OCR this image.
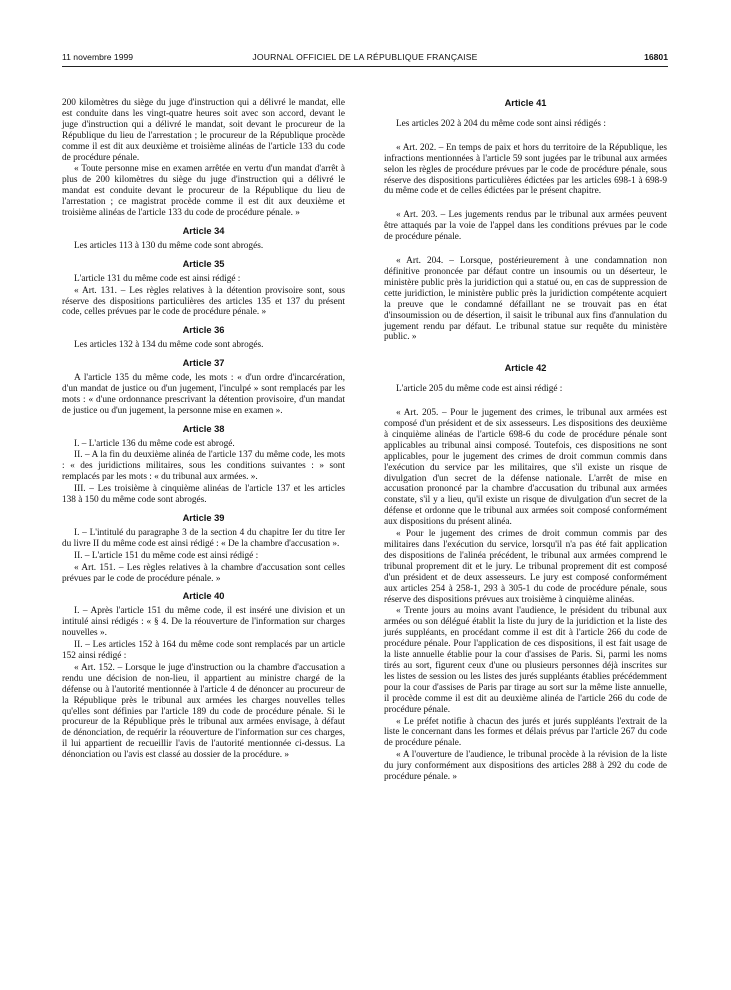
11 novembre 1999	JOURNAL OFFICIEL DE LA RÉPUBLIQUE FRANÇAISE	16801

200 kilomètres du siège du juge d'instruction qui a délivré le mandat, elle est conduite dans les vingt-quatre heures soit avec son accord, devant le juge d'instruction qui a délivré le mandat, soit devant le procureur de la République du lieu de l'arrestation ; le procureur de la République procède comme il est dit aux deuxième et troisième alinéas de l'article 133 du code de procédure pénale.

« Toute personne mise en examen arrêtée en vertu d'un mandat d'arrêt à plus de 200 kilomètres du siège du juge d'instruction qui a délivré le mandat est conduite devant le procureur de la République du lieu de l'arrestation ; ce magistrat procède comme il est dit aux deuxième et troisième alinéas de l'article 133 du code de procédure pénale. »

Article 34

Les articles 113 à 130 du même code sont abrogés.

Article 35

L'article 131 du même code est ainsi rédigé :

« Art. 131. – Les règles relatives à la détention provisoire sont, sous réserve des dispositions particulières des articles 135 et 137 du présent code, celles prévues par le code de procédure pénale. »

Article 36

Les articles 132 à 134 du même code sont abrogés.

Article 37

A l'article 135 du même code, les mots : « d'un ordre d'incarcération, d'un mandat de justice ou d'un jugement, l'inculpé » sont remplacés par les mots : « d'une ordonnance prescrivant la détention provisoire, d'un mandat de justice ou d'un jugement, la personne mise en examen ».

Article 38

I. – L'article 136 du même code est abrogé.

II. – A la fin du deuxième alinéa de l'article 137 du même code, les mots : « des juridictions militaires, sous les conditions suivantes : » sont remplacés par les mots : « du tribunal aux armées. ».

III. – Les troisième à cinquième alinéas de l'article 137 et les articles 138 à 150 du même code sont abrogés.

Article 39

I. – L'intitulé du paragraphe 3 de la section 4 du chapitre Ier du titre Ier du livre II du même code est ainsi rédigé : « De la chambre d'accusation ».

II. – L'article 151 du même code est ainsi rédigé :

« Art. 151. – Les règles relatives à la chambre d'accusation sont celles prévues par le code de procédure pénale. »

Article 40

I. – Après l'article 151 du même code, il est inséré une division et un intitulé ainsi rédigés : « § 4. De la réouverture de l'information sur charges nouvelles ».

II. – Les articles 152 à 164 du même code sont remplacés par un article 152 ainsi rédigé :

« Art. 152. – Lorsque le juge d'instruction ou la chambre d'accusation a rendu une décision de non-lieu, il appartient au ministre chargé de la défense ou à l'autorité mentionnée à l'article 4 de dénoncer au procureur de la République près le tribunal aux armées les charges nouvelles telles qu'elles sont définies par l'article 189 du code de procédure pénale. Si le procureur de la République près le tribunal aux armées envisage, à défaut de dénonciation, de requérir la réouverture de l'information sur ces charges, il lui appartient de recueillir l'avis de l'autorité mentionnée ci-dessus. La dénonciation ou l'avis est classé au dossier de la procédure. »

Article 41

Les articles 202 à 204 du même code sont ainsi rédigés :

« Art. 202. – En temps de paix et hors du territoire de la République, les infractions mentionnées à l'article 59 sont jugées par le tribunal aux armées selon les règles de procédure prévues par le code de procédure pénale, sous réserve des dispositions particulières édictées par les articles 698-1 à 698-9 du même code et de celles édictées par le présent chapitre.

« Art. 203. – Les jugements rendus par le tribunal aux armées peuvent être attaqués par la voie de l'appel dans les conditions prévues par le code de procédure pénale.

« Art. 204. – Lorsque, postérieurement à une condamnation non définitive prononcée par défaut contre un insoumis ou un déserteur, le ministère public près la juridiction qui a statué ou, en cas de suppression de cette juridiction, le ministère public près la juridiction compétente acquiert la preuve que le condamné défaillant ne se trouvait pas en état d'insoumission ou de désertion, il saisit le tribunal aux fins d'annulation du jugement rendu par défaut. Le tribunal statue sur requête du ministère public. »

Article 42

L'article 205 du même code est ainsi rédigé :

« Art. 205. – Pour le jugement des crimes, le tribunal aux armées est composé d'un président et de six assesseurs. Les dispositions des deuxième à cinquième alinéas de l'article 698-6 du code de procédure pénale sont applicables au tribunal ainsi composé. Toutefois, ces dispositions ne sont applicables, pour le jugement des crimes de droit commun commis dans l'exécution du service par les militaires, que s'il existe un risque de divulgation d'un secret de la défense nationale. L'arrêt de mise en accusation prononcé par la chambre d'accusation du tribunal aux armées constate, s'il y a lieu, qu'il existe un risque de divulgation d'un secret de la défense et ordonne que le tribunal aux armées soit composé conformément aux dispositions du présent alinéa.

« Pour le jugement des crimes de droit commun commis par des militaires dans l'exécution du service, lorsqu'il n'a pas été fait application des dispositions de l'alinéa précédent, le tribunal aux armées comprend le tribunal proprement dit et le jury. Le tribunal proprement dit est composé d'un président et de deux assesseurs. Le jury est composé conformément aux articles 254 à 258-1, 293 à 305-1 du code de procédure pénale, sous réserve des dispositions prévues aux troisième à cinquième alinéas.

« Trente jours au moins avant l'audience, le président du tribunal aux armées ou son délégué établit la liste du jury de la juridiction et la liste des jurés suppléants, en procédant comme il est dit à l'article 266 du code de procédure pénale. Pour l'application de ces dispositions, il est fait usage de la liste annuelle établie pour la cour d'assises de Paris. Si, parmi les noms tirés au sort, figurent ceux d'une ou plusieurs personnes déjà inscrites sur les listes de session ou les listes des jurés suppléants établies précédemment pour la cour d'assises de Paris par tirage au sort sur la même liste annuelle, il procède comme il est dit au deuxième alinéa de l'article 266 du code de procédure pénale.

« Le préfet notifie à chacun des jurés et jurés suppléants l'extrait de la liste le concernant dans les formes et délais prévus par l'article 267 du code de procédure pénale.

« A l'ouverture de l'audience, le tribunal procède à la révision de la liste du jury conformément aux dispositions des articles 288 à 292 du code de procédure pénale. »
